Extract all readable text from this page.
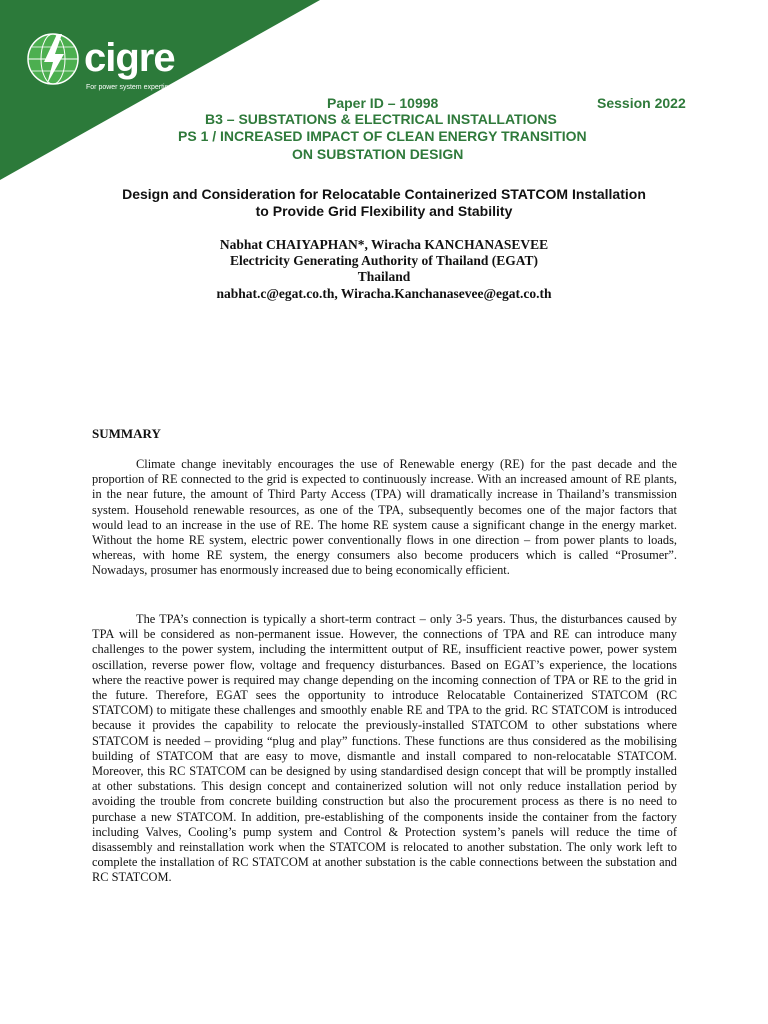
cigre
For power system expertise
Paper ID – 10998	Session 2022
B3 – SUBSTATIONS & ELECTRICAL INSTALLATIONS
PS 1 / INCREASED IMPACT OF CLEAN ENERGY TRANSITION
ON SUBSTATION DESIGN
Design and Consideration for Relocatable Containerized STATCOM Installation
to Provide Grid Flexibility and Stability
Nabhat CHAIYAPHAN*, Wiracha KANCHANASEVEE
Electricity Generating Authority of Thailand (EGAT)
Thailand
nabhat.c@egat.co.th, Wiracha.Kanchanasevee@egat.co.th
SUMMARY

Climate change inevitably encourages the use of Renewable energy (RE) for the past decade and the proportion of RE connected to the grid is expected to continuously increase. With an increased amount of RE plants, in the near future, the amount of Third Party Access (TPA) will dramatically increase in Thailand’s transmission system. Household renewable resources, as one of the TPA, subsequently becomes one of the major factors that would lead to an increase in the use of RE. The home RE system cause a significant change in the energy market. Without the home RE system, electric power conventionally flows in one direction – from power plants to loads, whereas, with home RE system, the energy consumers also become producers which is called “Prosumer”. Nowadays, prosumer has enormously increased due to being economically efficient.

The TPA’s connection is typically a short-term contract – only 3-5 years. Thus, the disturbances caused by TPA will be considered as non-permanent issue. However, the connections of TPA and RE can introduce many challenges to the power system, including the intermittent output of RE, insufficient reactive power, power system oscillation, reverse power flow, voltage and frequency disturbances. Based on EGAT’s experience, the locations where the reactive power is required may change depending on the incoming connection of TPA or RE to the grid in the future. Therefore, EGAT sees the opportunity to introduce Relocatable Containerized STATCOM (RC STATCOM) to mitigate these challenges and smoothly enable RE and TPA to the grid. RC STATCOM is introduced because it provides the capability to relocate the previously-installed STATCOM to other substations where STATCOM is needed – providing “plug and play” functions. These functions are thus considered as the mobilising building of STATCOM that are easy to move, dismantle and install compared to non-relocatable STATCOM. Moreover, this RC STATCOM can be designed by using standardised design concept that will be promptly installed at other substations. This design concept and containerized solution will not only reduce installation period by avoiding the trouble from concrete building construction but also the procurement process as there is no need to purchase a new STATCOM. In addition, pre-establishing of the components inside the container from the factory including Valves, Cooling’s pump system and Control & Protection system’s panels will reduce the time of disassembly and reinstallation work when the STATCOM is relocated to another substation. The only work left to complete the installation of RC STATCOM at another substation is the cable connections between the substation and RC STATCOM.
